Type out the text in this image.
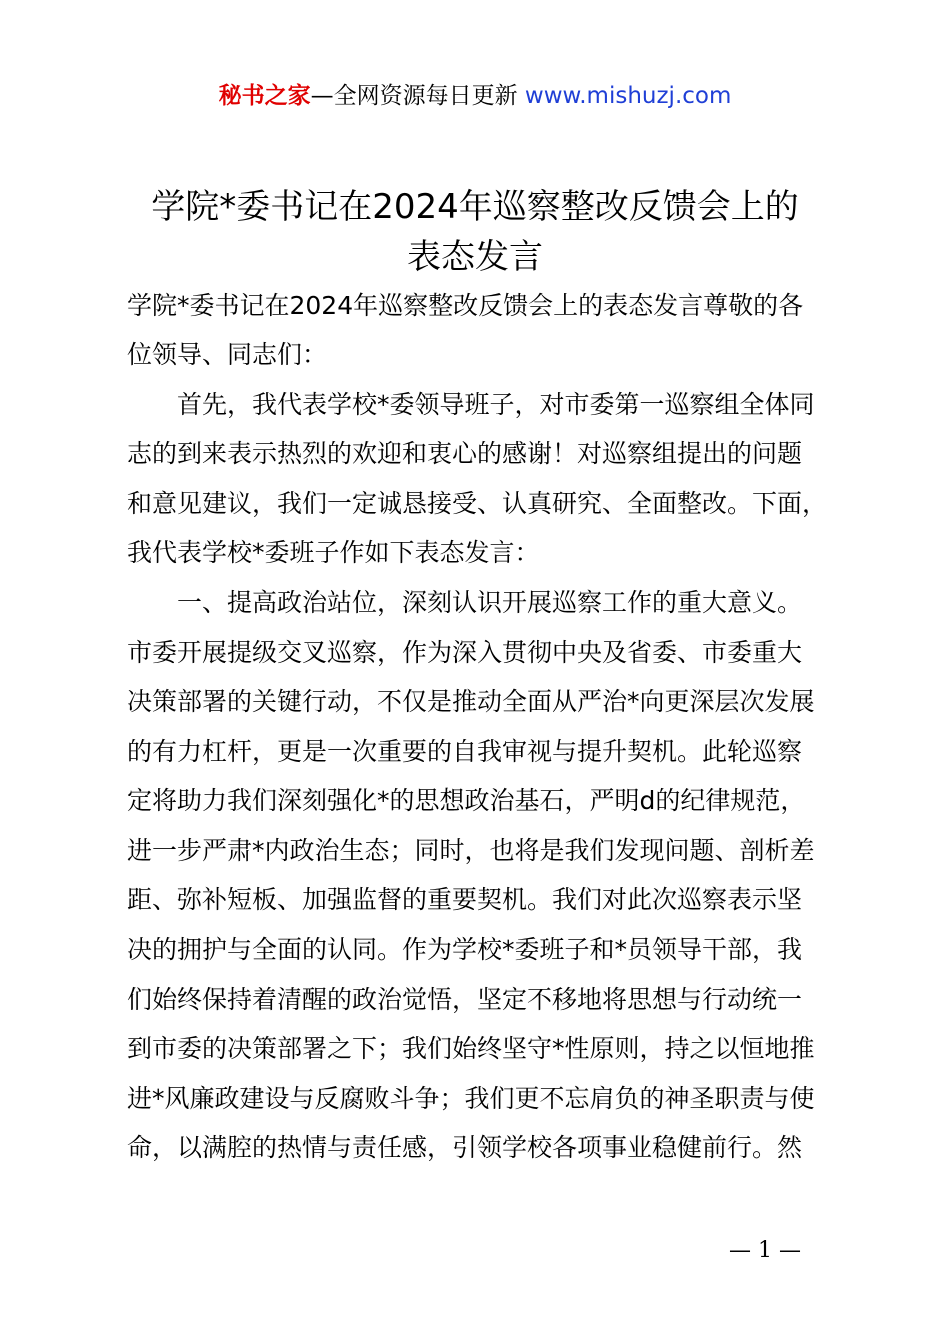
秘书之家—全网资源每日更新 www.mishuzj.com
学院*委书记在2024年巡察整改反馈会上的
表态发言
学院*委书记在2024年巡察整改反馈会上的表态发言尊敬的各
位领导、同志们：
　　首先，我代表学校*委领导班子，对市委第一巡察组全体同
志的到来表示热烈的欢迎和衷心的感谢！对巡察组提出的问题
和意见建议，我们一定诚恳接受、认真研究、全面整改。下面，
我代表学校*委班子作如下表态发言：
　　一、提高政治站位，深刻认识开展巡察工作的重大意义。
市委开展提级交叉巡察，作为深入贯彻中央及省委、市委重大
决策部署的关键行动，不仅是推动全面从严治*向更深层次发展
的有力杠杆，更是一次重要的自我审视与提升契机。此轮巡察
定将助力我们深刻强化*的思想政治基石，严明d的纪律规范，
进一步严肃*内政治生态；同时，也将是我们发现问题、剖析差
距、弥补短板、加强监督的重要契机。我们对此次巡察表示坚
决的拥护与全面的认同。作为学校*委班子和*员领导干部，我
们始终保持着清醒的政治觉悟，坚定不移地将思想与行动统一
到市委的决策部署之下；我们始终坚守*性原则，持之以恒地推
进*风廉政建设与反腐败斗争；我们更不忘肩负的神圣职责与使
命，以满腔的热情与责任感，引领学校各项事业稳健前行。然
— 1 —
